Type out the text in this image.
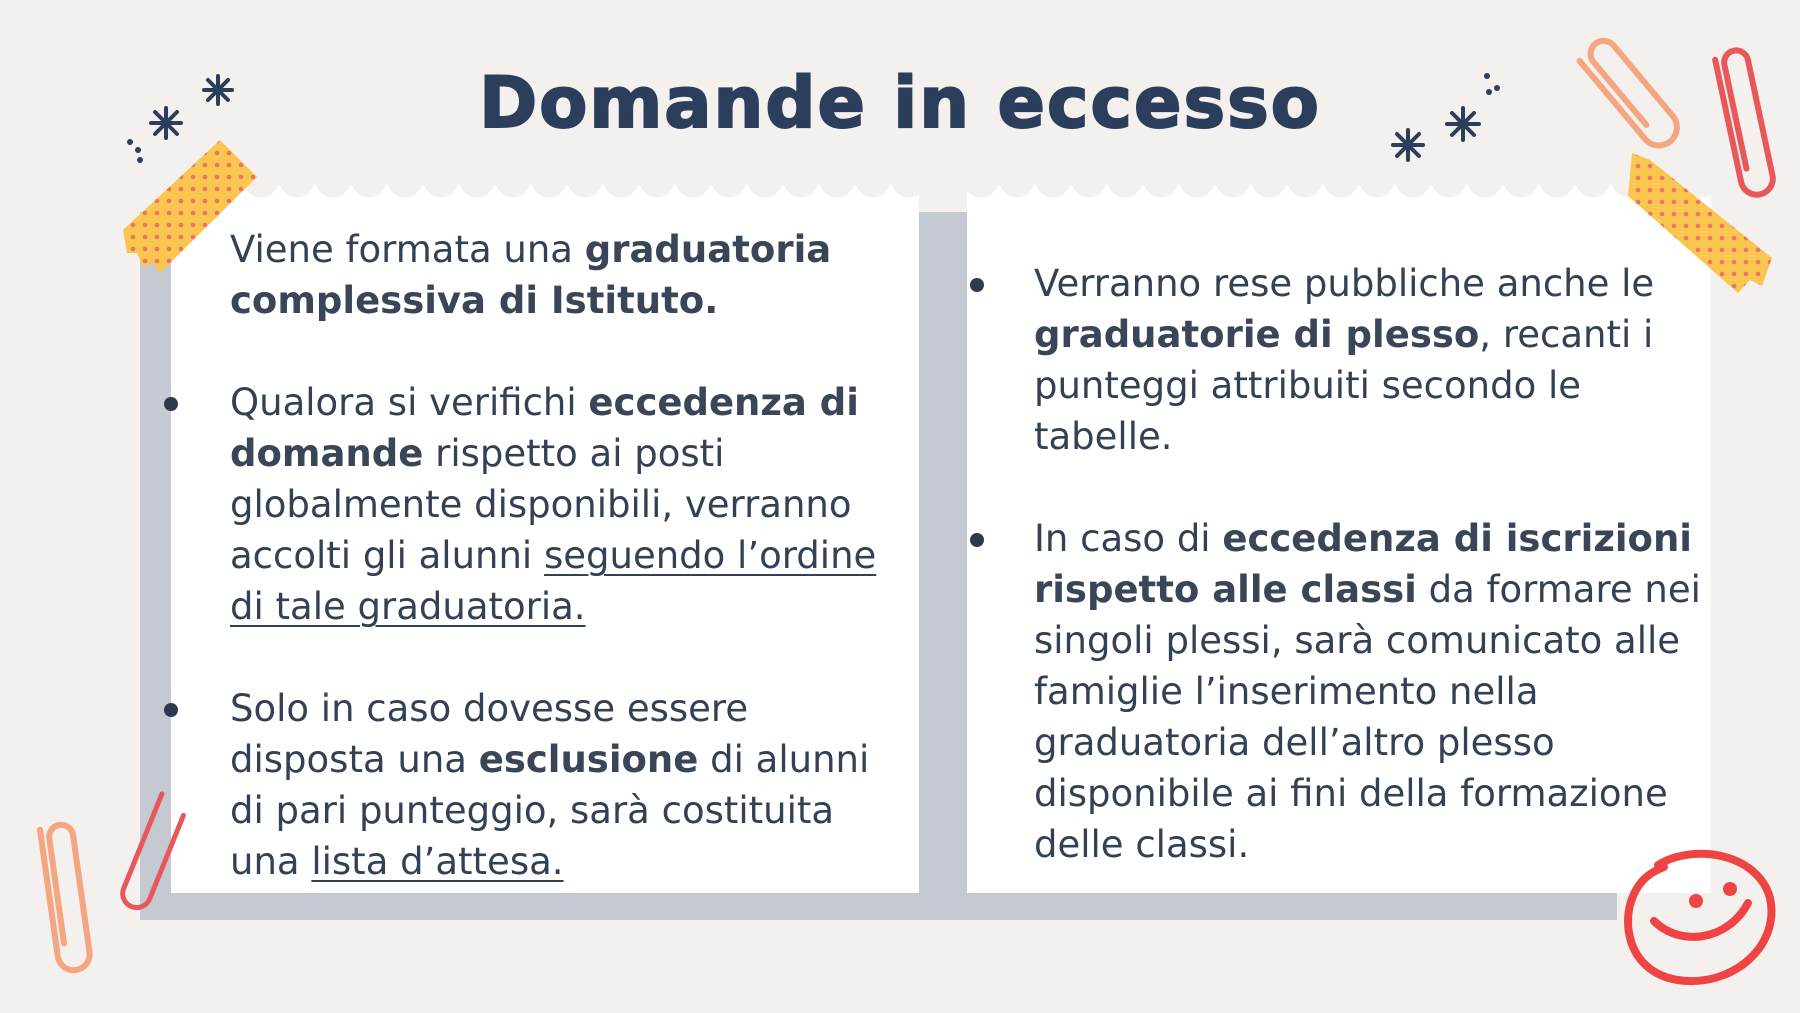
Domande in eccesso
Viene formata una graduatoria complessiva di Istituto.
Qualora si verifichi eccedenza di domande rispetto ai posti globalmente disponibili, verranno accolti gli alunni seguendo l’ordine di tale graduatoria.
Solo in caso dovesse essere disposta una esclusione di alunni di pari punteggio, sarà costituita una lista d’attesa.
Verranno rese pubbliche anche le graduatorie di plesso, recanti i punteggi attribuiti secondo le tabelle.
In caso di eccedenza di iscrizioni rispetto alle classi da formare nei singoli plessi, sarà comunicato alle famiglie l’inserimento nella graduatoria dell’altro plesso disponibile ai fini della formazione delle classi.
